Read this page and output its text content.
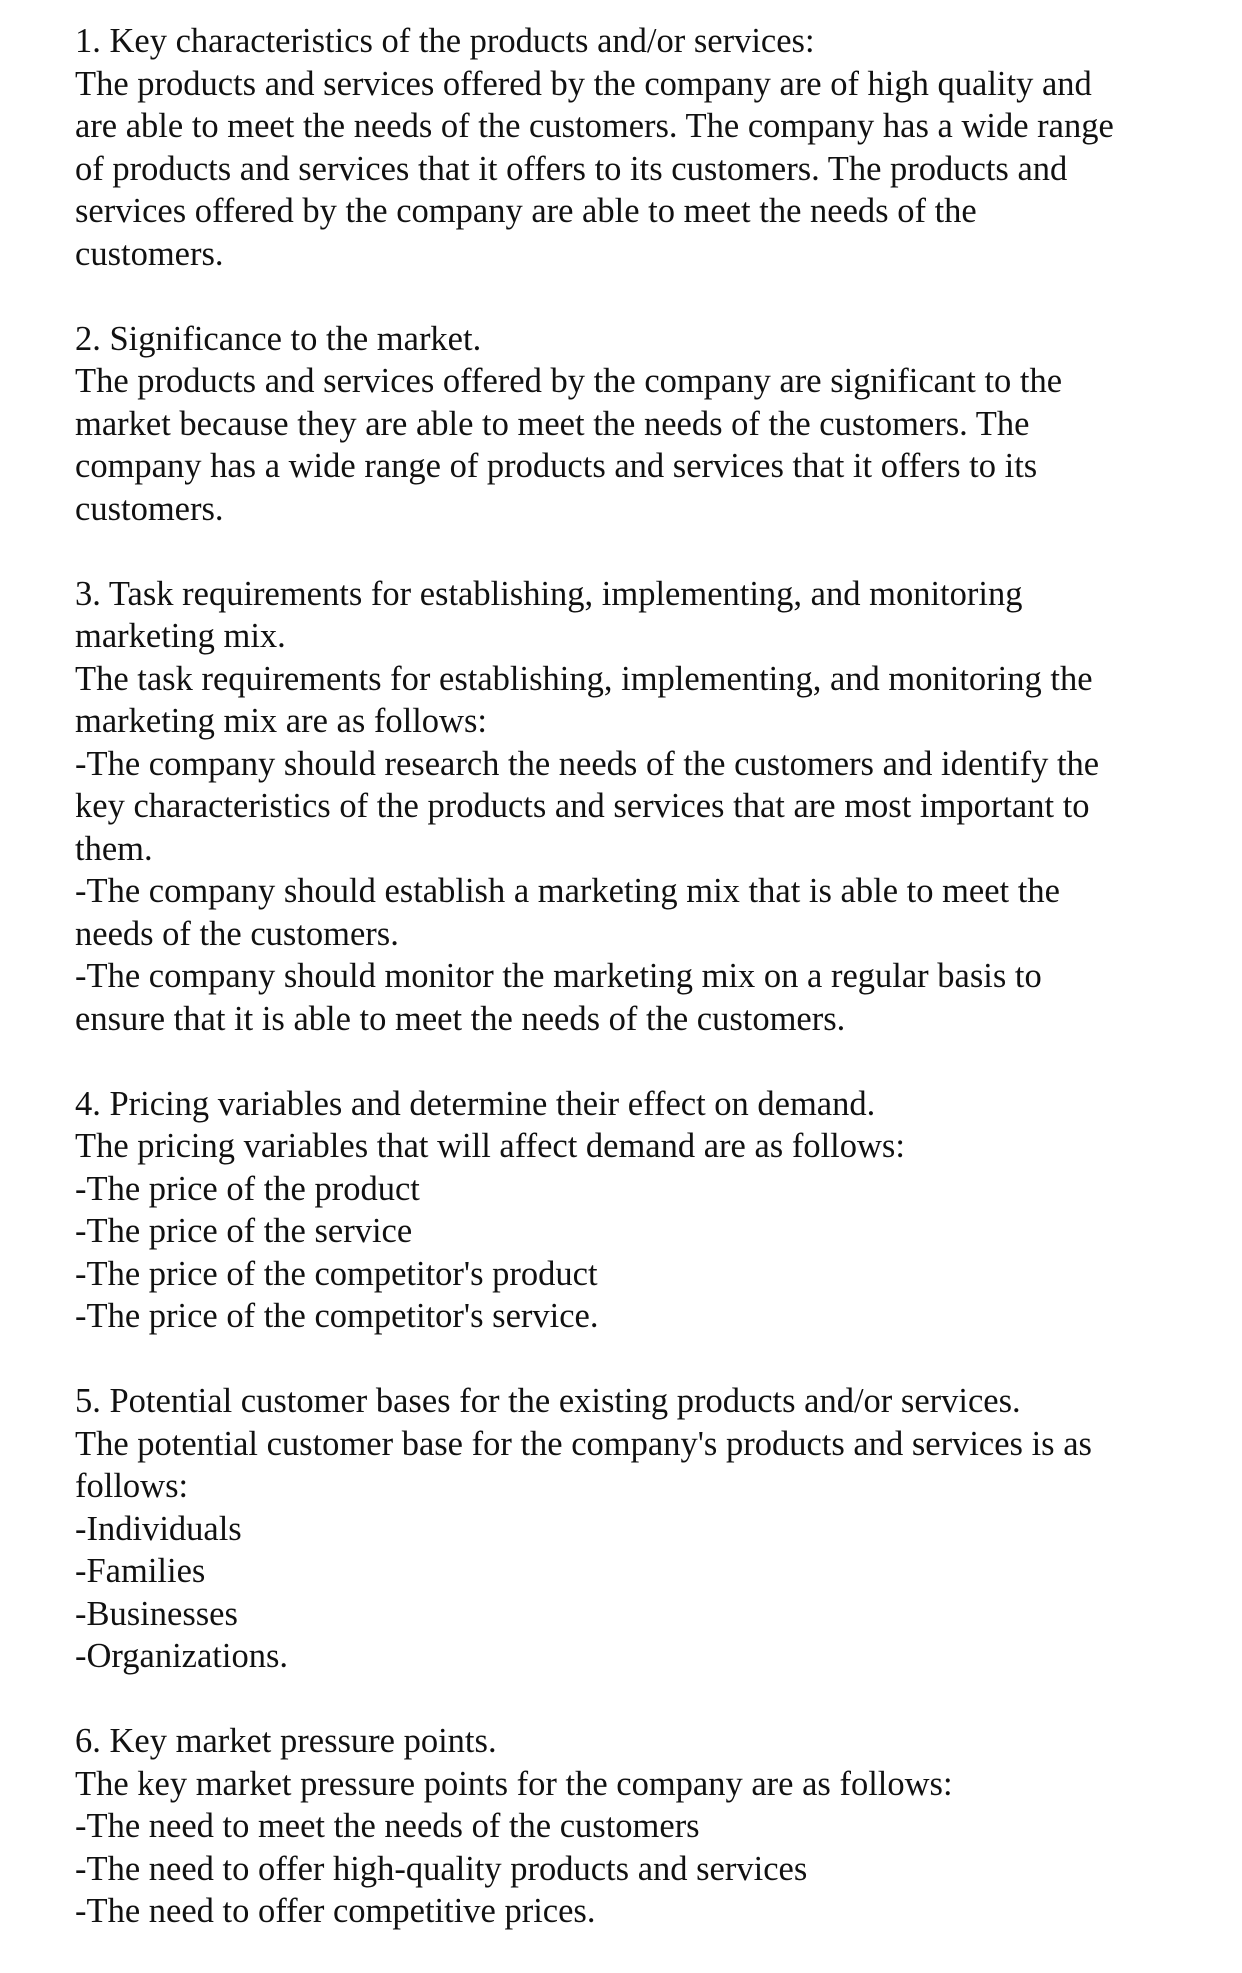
1. Key characteristics of the products and/or services:
The products and services offered by the company are of high quality and
are able to meet the needs of the customers. The company has a wide range
of products and services that it offers to its customers. The products and
services offered by the company are able to meet the needs of the
customers.
2. Significance to the market.
The products and services offered by the company are significant to the
market because they are able to meet the needs of the customers. The
company has a wide range of products and services that it offers to its
customers.
3. Task requirements for establishing, implementing, and monitoring
marketing mix.
The task requirements for establishing, implementing, and monitoring the
marketing mix are as follows:
-The company should research the needs of the customers and identify the
key characteristics of the products and services that are most important to
them.
-The company should establish a marketing mix that is able to meet the
needs of the customers.
-The company should monitor the marketing mix on a regular basis to
ensure that it is able to meet the needs of the customers.
4. Pricing variables and determine their effect on demand.
The pricing variables that will affect demand are as follows:
-The price of the product
-The price of the service
-The price of the competitor's product
-The price of the competitor's service.
5. Potential customer bases for the existing products and/or services.
The potential customer base for the company's products and services is as
follows:
-Individuals
-Families
-Businesses
-Organizations.
6. Key market pressure points.
The key market pressure points for the company are as follows:
-The need to meet the needs of the customers
-The need to offer high-quality products and services
-The need to offer competitive prices.
